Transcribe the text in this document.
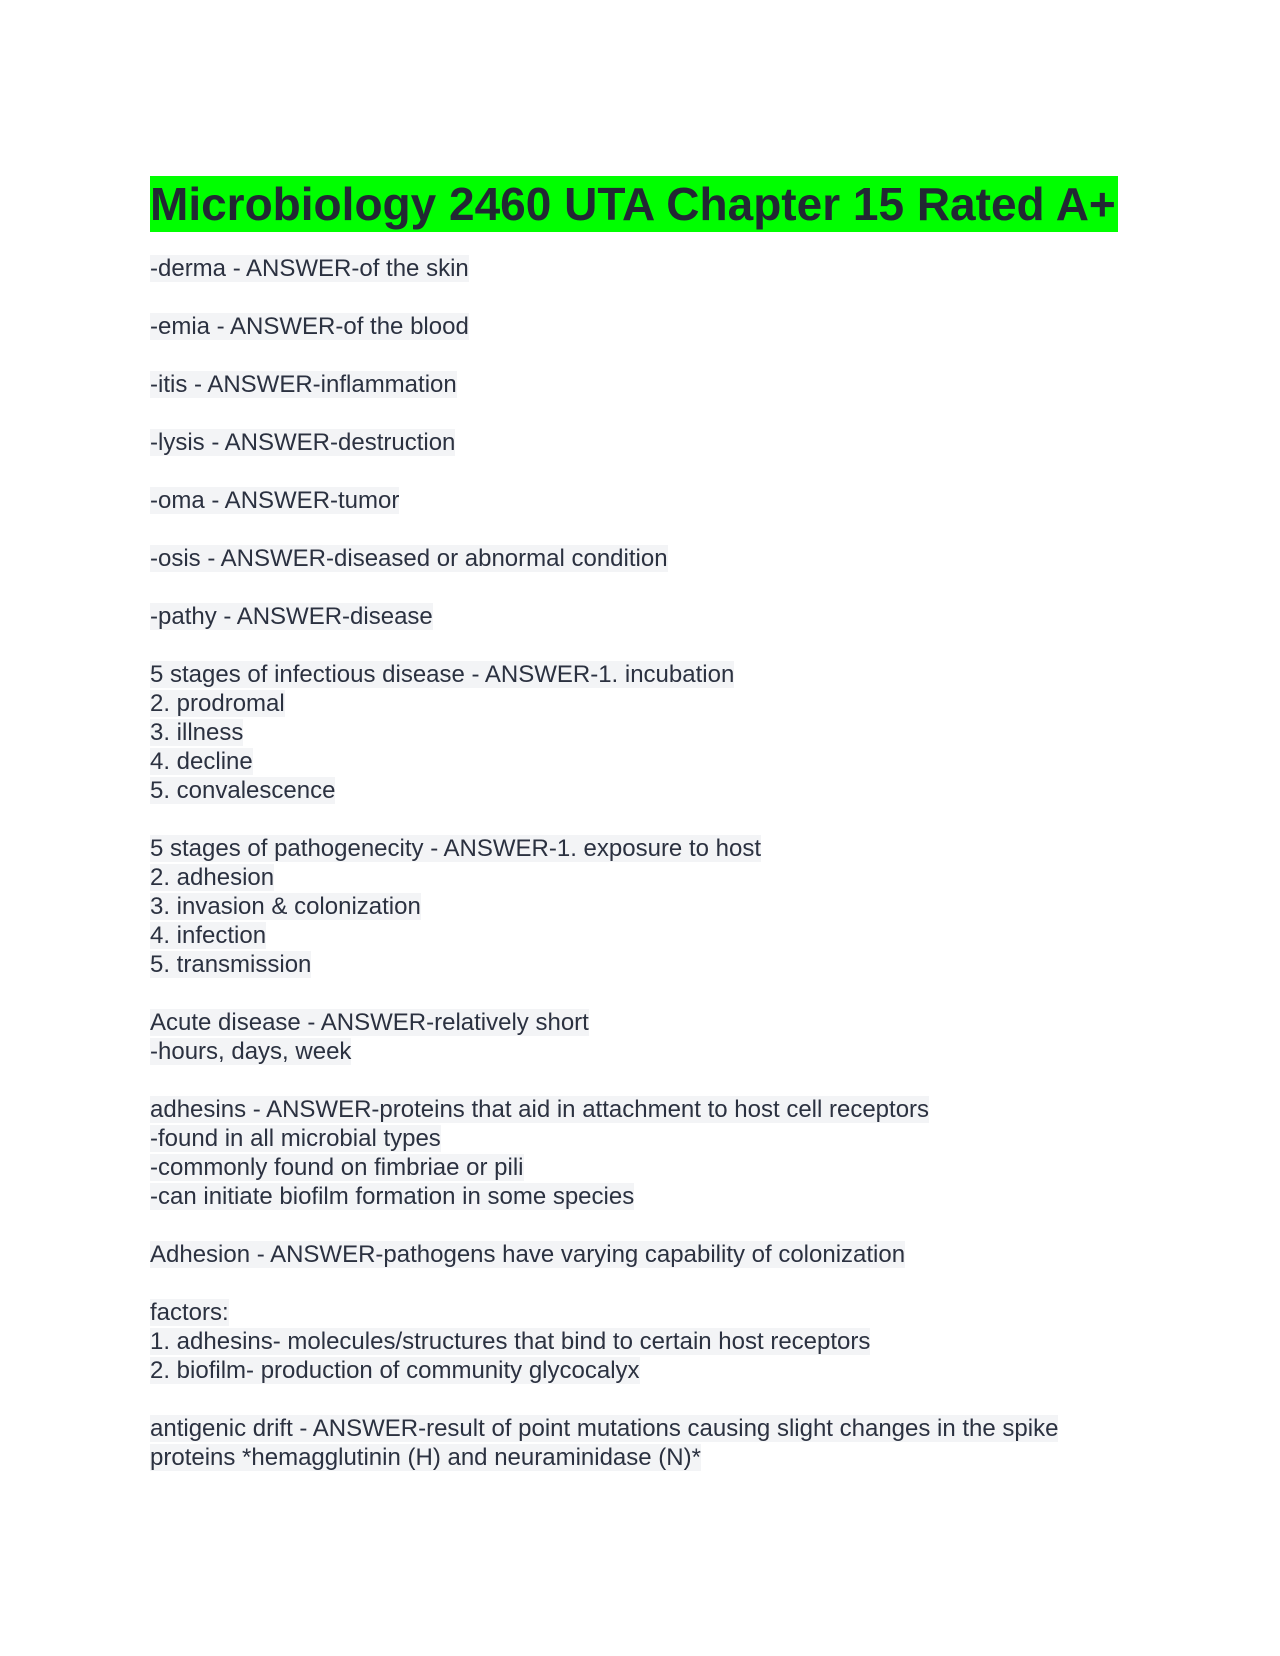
Microbiology 2460 UTA Chapter 15 Rated A+
-derma - ANSWER-of the skin
-emia - ANSWER-of the blood
-itis - ANSWER-inflammation
-lysis - ANSWER-destruction
-oma - ANSWER-tumor
-osis - ANSWER-diseased or abnormal condition
-pathy - ANSWER-disease
5 stages of infectious disease - ANSWER-1. incubation
2. prodromal
3. illness
4. decline
5. convalescence
5 stages of pathogenecity - ANSWER-1. exposure to host
2. adhesion
3. invasion & colonization
4. infection
5. transmission
Acute disease - ANSWER-relatively short
-hours, days, week
adhesins - ANSWER-proteins that aid in attachment to host cell receptors
-found in all microbial types
-commonly found on fimbriae or pili
-can initiate biofilm formation in some species
Adhesion - ANSWER-pathogens have varying capability of colonization
factors:
1. adhesins- molecules/structures that bind to certain host receptors
2. biofilm- production of community glycocalyx
antigenic drift - ANSWER-result of point mutations causing slight changes in the spike
proteins *hemagglutinin (H) and neuraminidase (N)*
